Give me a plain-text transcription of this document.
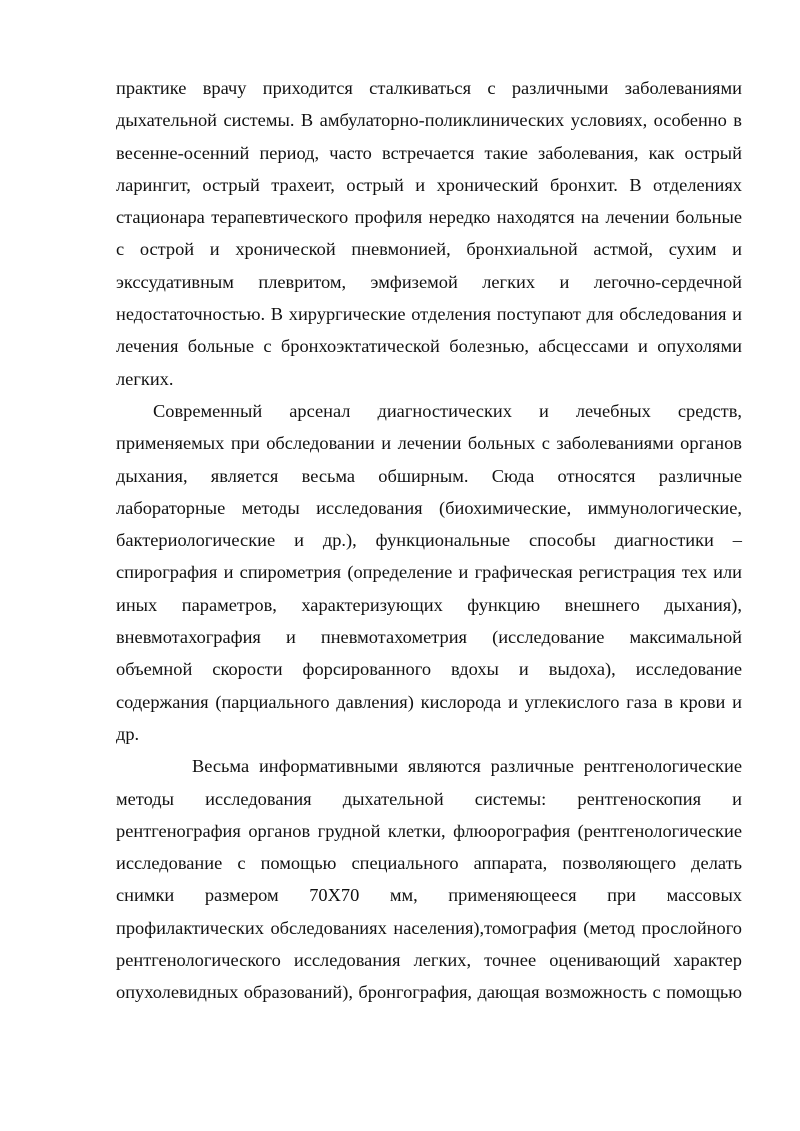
практике врачу приходится сталкиваться с различными заболеваниями
дыхательной системы. В амбулаторно-поликлинических условиях, особенно в
весенне-осенний период, часто встречается такие заболевания, как острый
ларингит, острый трахеит, острый и хронический бронхит. В отделениях
стационара терапевтического профиля нередко находятся на лечении больные
с острой и хронической пневмонией, бронхиальной астмой, сухим и
экссудативным плевритом, эмфиземой легких и легочно-сердечной
недостаточностью. В хирургические отделения поступают для обследования и
лечения больные с бронхоэктатической болезнью, абсцессами и опухолями
легких.

Современный арсенал диагностических и лечебных средств,
применяемых при обследовании и лечении больных с заболеваниями органов
дыхания, является весьма обширным. Сюда относятся различные
лабораторные методы исследования (биохимические, иммунологические,
бактериологические и др.), функциональные способы диагностики –
спирография и спирометрия (определение и графическая регистрация тех или
иных параметров, характеризующих функцию внешнего дыхания),
вневмотахография и пневмотахометрия (исследование максимальной
объемной скорости форсированного вдохы и выдоха), исследование
содержания (парциального давления) кислорода и углекислого газа в крови и
др.

Весьма информативными являются различные рентгенологические
методы исследования дыхательной системы: рентгеноскопия и
рентгенография органов грудной клетки, флюорография (рентгенологические
исследование с помощью специального аппарата, позволяющего делать
снимки размером 70Х70 мм, применяющееся при массовых
профилактических обследованиях населения),томография (метод прослойного
рентгенологического исследования легких, точнее оценивающий характер
опухолевидных образований), бронгография, дающая возможность с помощью
